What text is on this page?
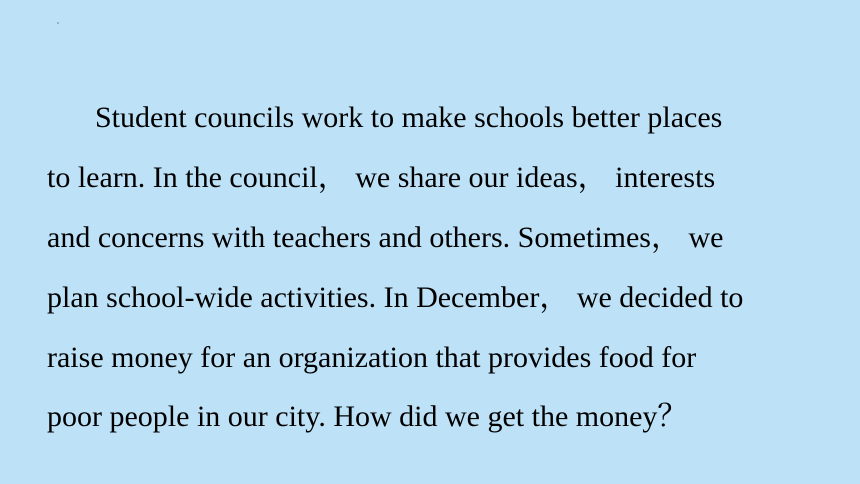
Student councils work to make schools better places
to learn. In the council， we share our ideas， interests
and concerns with teachers and others. Sometimes， we
plan school-wide activities. In December， we decided to
raise money for an organization that provides food for
poor people in our city. How did we get the money？
